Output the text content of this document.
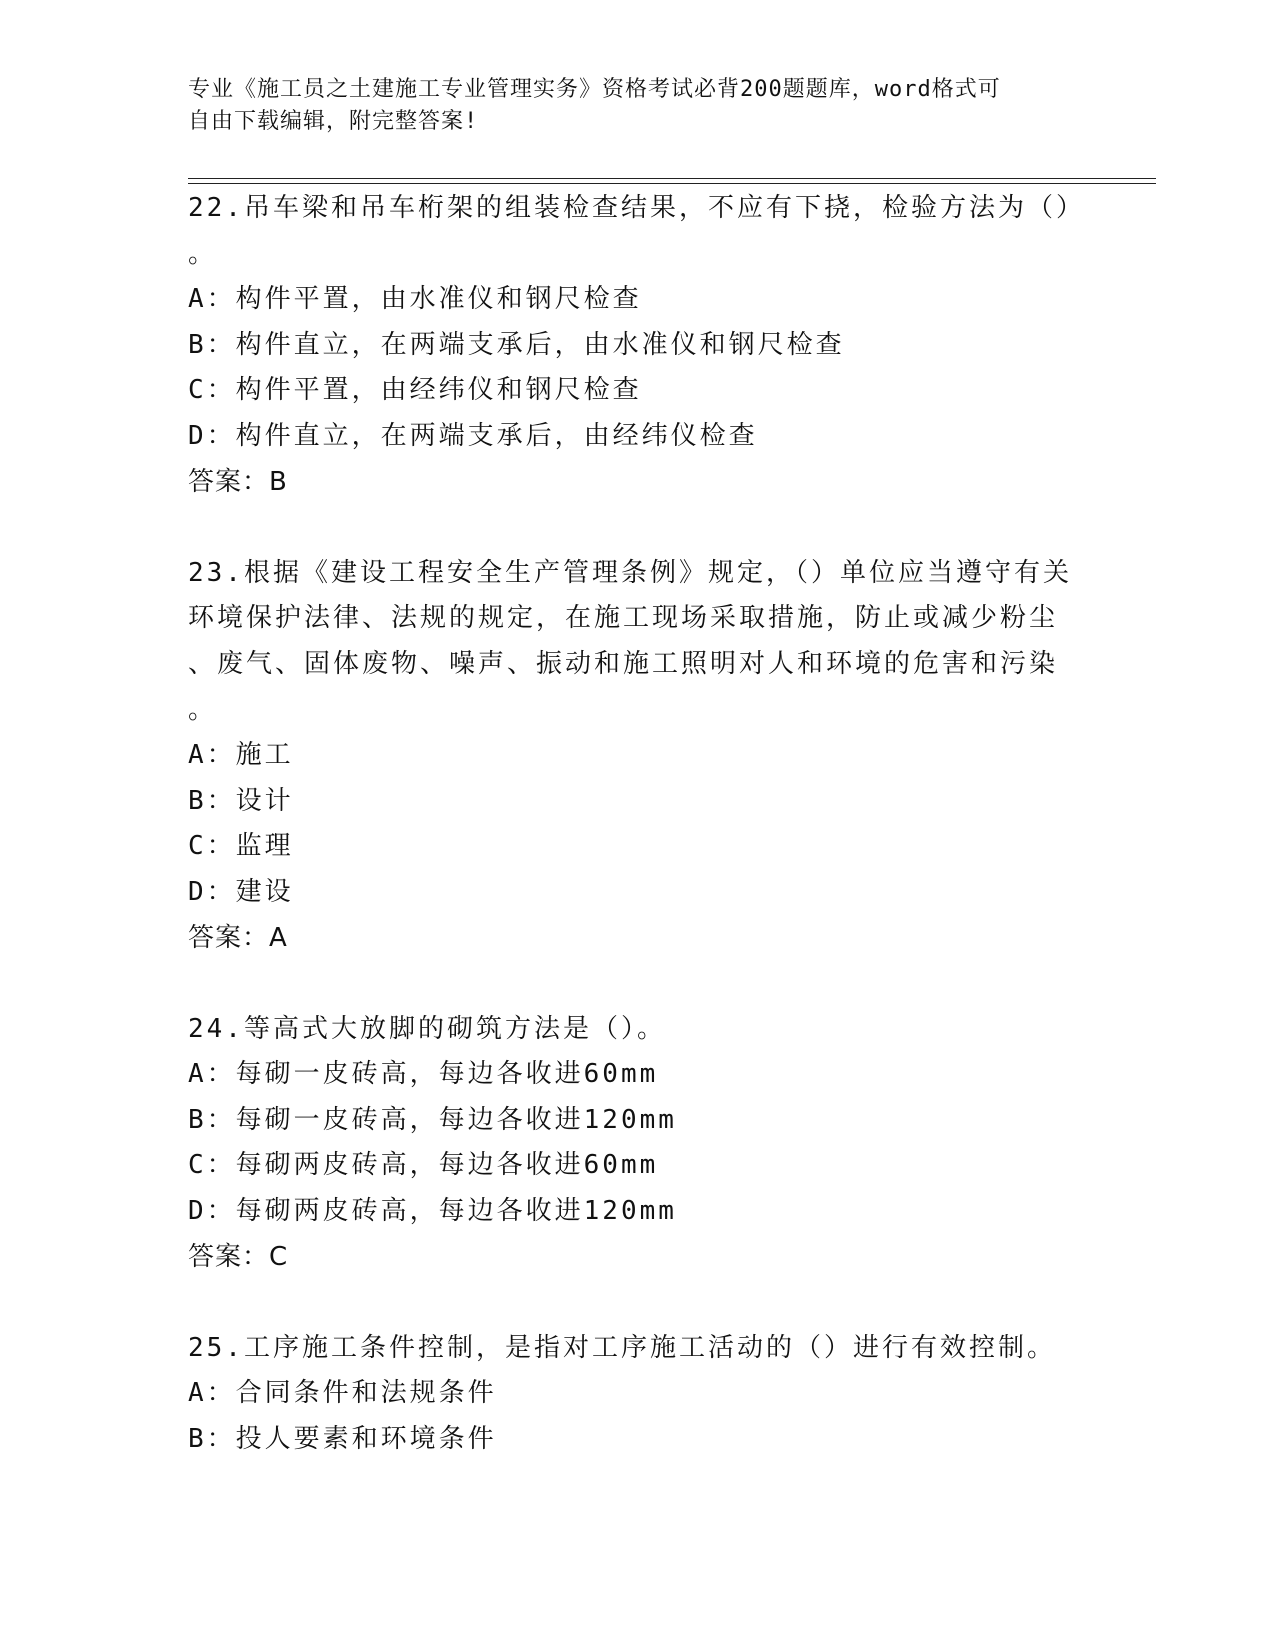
专业《施工员之土建施工专业管理实务》资格考试必背200题题库，word格式可
自由下载编辑，附完整答案!
22.吊车梁和吊车桁架的组装检查结果，不应有下挠，检验方法为（）
。
A：构件平置，由水准仪和钢尺检查
B：构件直立，在两端支承后，由水准仪和钢尺检查
C：构件平置，由经纬仪和钢尺检查
D：构件直立，在两端支承后，由经纬仪检查
答案：B
23.根据《建设工程安全生产管理条例》规定，（）单位应当遵守有关
环境保护法律、法规的规定，在施工现场采取措施，防止或减少粉尘
、废气、固体废物、噪声、振动和施工照明对人和环境的危害和污染
。
A：施工
B：设计
C：监理
D：建设
答案：A
24.等高式大放脚的砌筑方法是（）。
A：每砌一皮砖高，每边各收进60mm
B：每砌一皮砖高，每边各收进120mm
C：每砌两皮砖高，每边各收进60mm
D：每砌两皮砖高，每边各收进120mm
答案：C
25.工序施工条件控制，是指对工序施工活动的（）进行有效控制。
A：合同条件和法规条件
B：投人要素和环境条件
